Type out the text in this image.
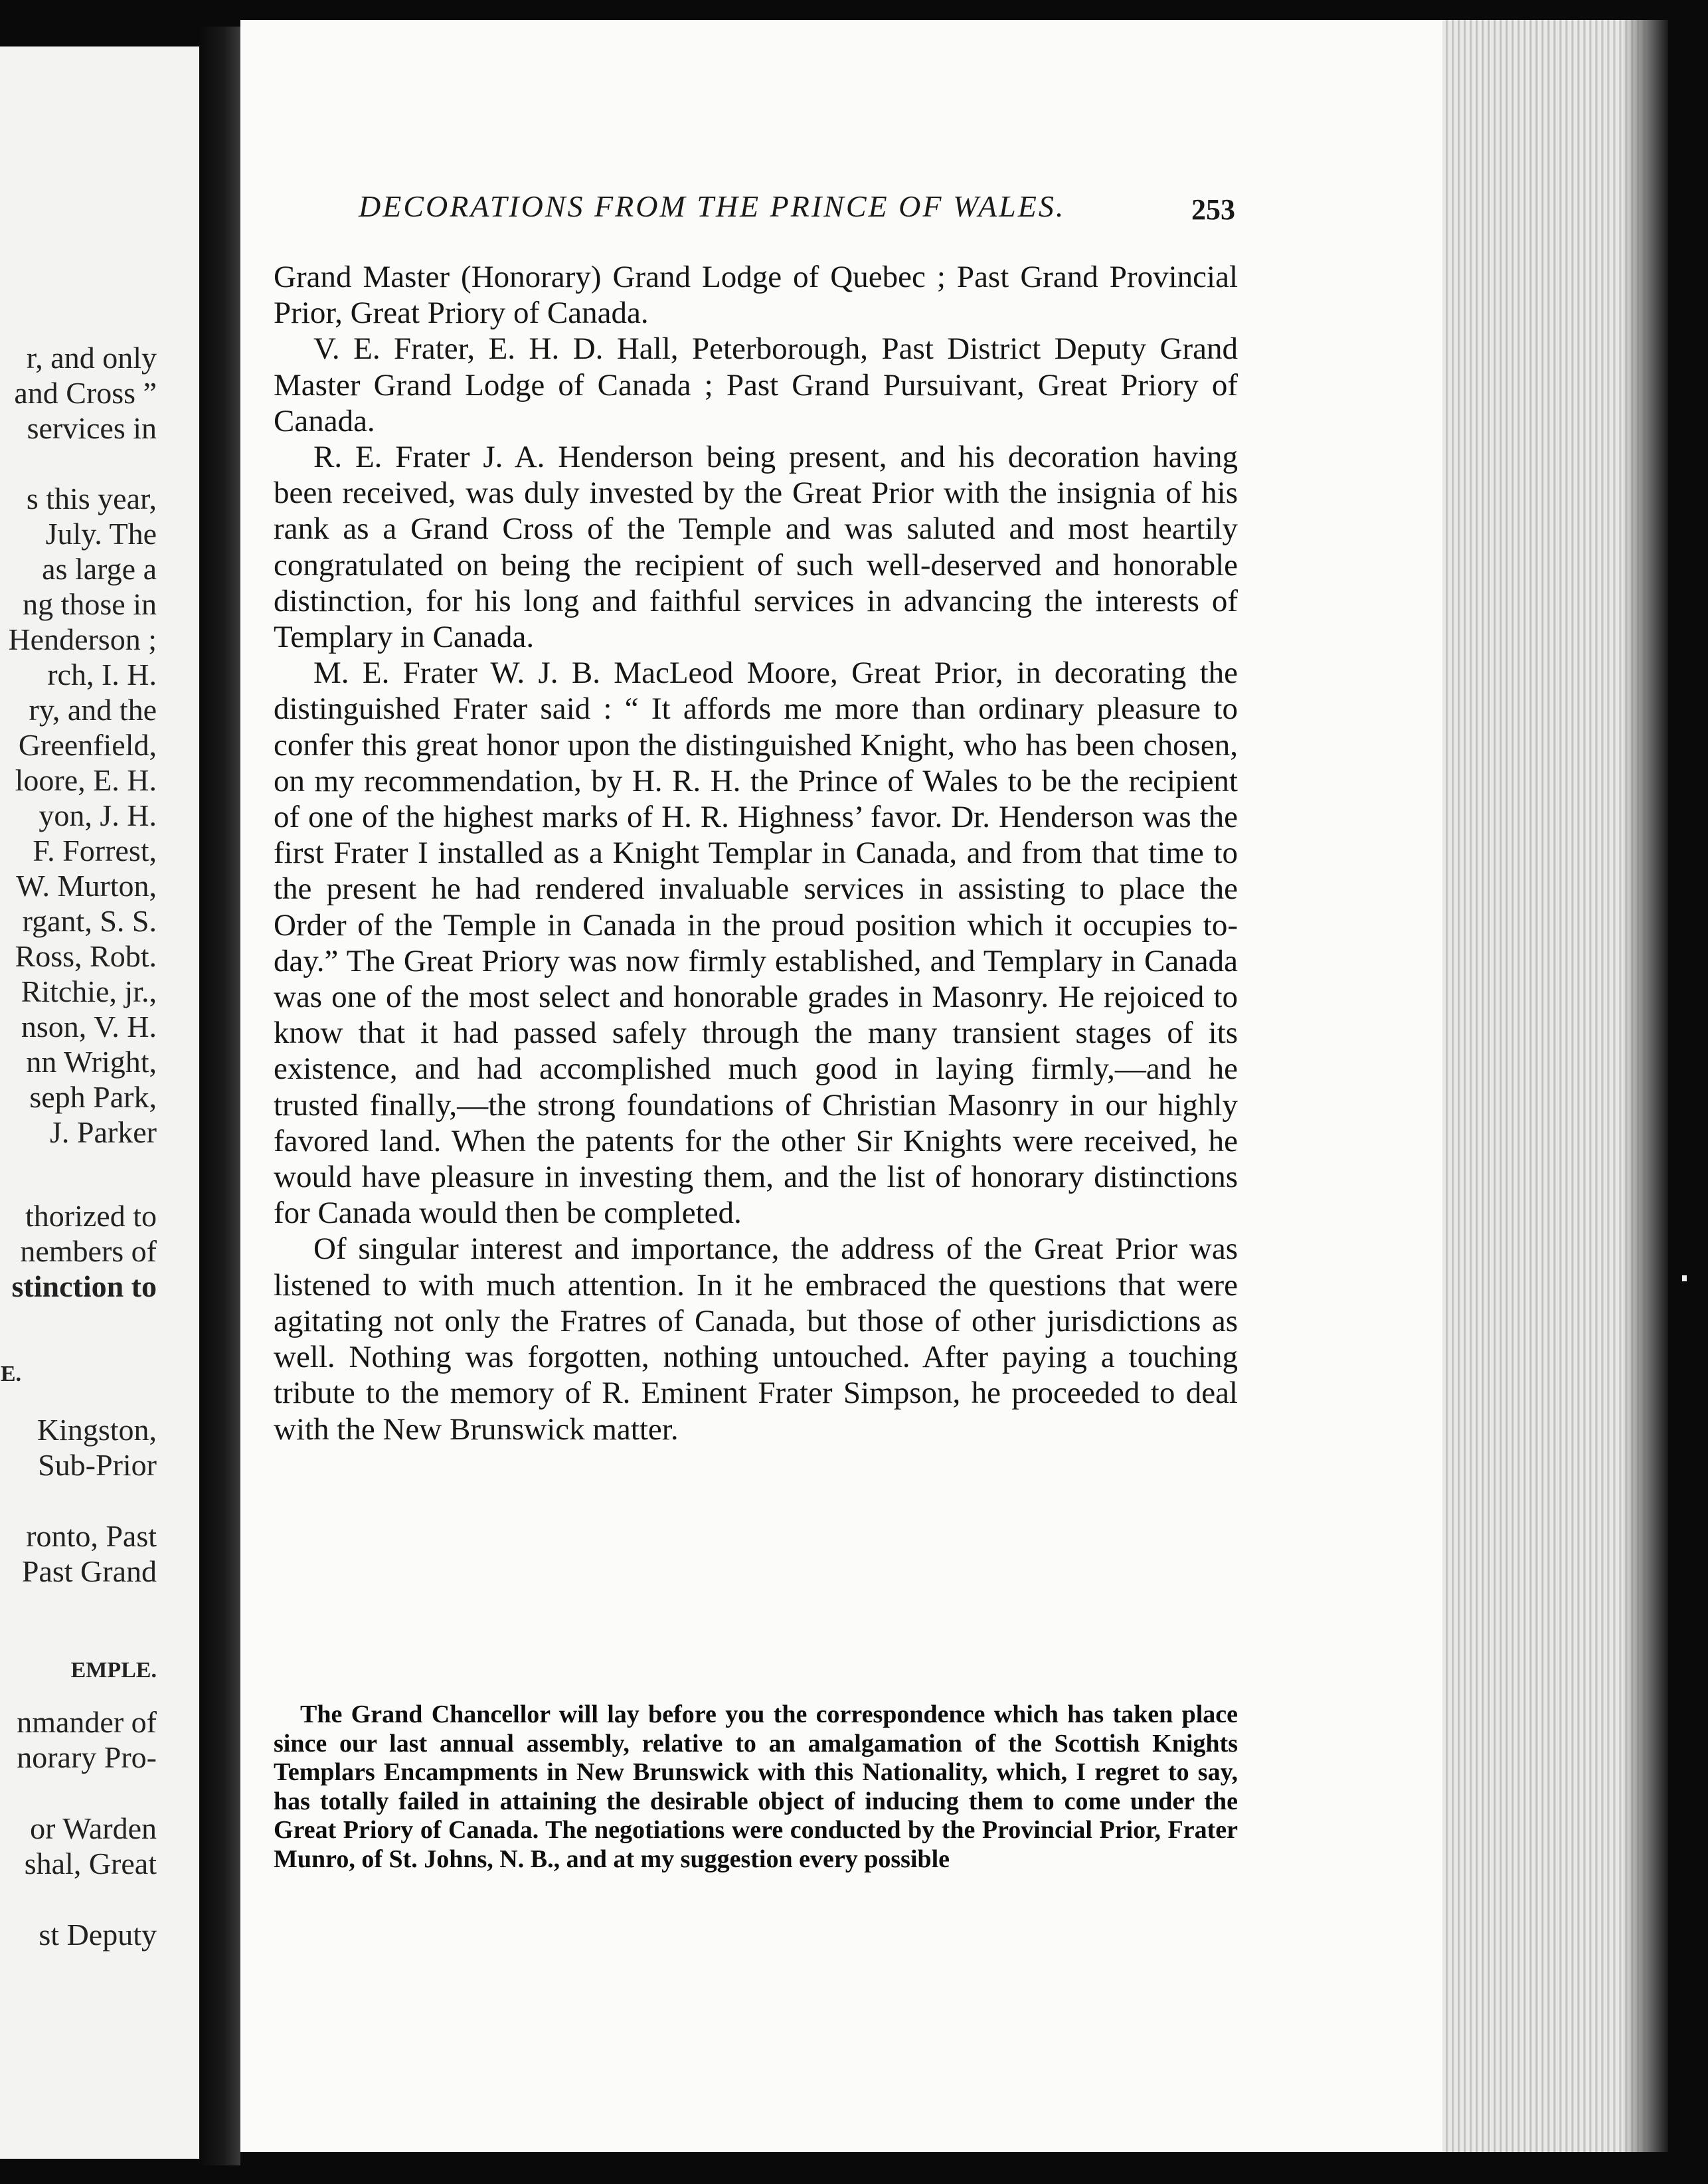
r, and only
and Cross ”
services in
s this year,
July. The
as large a
ng those in
Henderson ;
rch, I. H.
ry, and the
Greenfield,
loore, E. H.
yon, J. H.
F. Forrest,
W. Murton,
rgant, S. S.
Ross, Robt.
Ritchie, jr.,
nson, V. H.
nn Wright,
seph Park,
J. Parker
thorized to
nembers of
stinction to
E.
Kingston,
Sub-Prior
ronto, Past
Past Grand
EMPLE.
nmander of
norary Pro-
or Warden
shal, Great
st Deputy
DECORATIONS FROM THE PRINCE OF WALES.	253

Grand Master (Honorary) Grand Lodge of Quebec ; Past Grand Provincial Prior, Great Priory of Canada.

V. E. Frater, E. H. D. Hall, Peterborough, Past District Deputy Grand Master Grand Lodge of Canada ; Past Grand Pursuivant, Great Priory of Canada.

R. E. Frater J. A. Henderson being present, and his decoration having been received, was duly invested by the Great Prior with the insignia of his rank as a Grand Cross of the Temple and was saluted and most heartily congratulated on being the recipient of such well-deserved and honorable distinction, for his long and faithful services in advancing the interests of Templary in Canada.

M. E. Frater W. J. B. MacLeod Moore, Great Prior, in decorating the distinguished Frater said : “ It affords me more than ordinary pleasure to confer this great honor upon the distinguished Knight, who has been chosen, on my recommendation, by H. R. H. the Prince of Wales to be the recipient of one of the highest marks of H. R. Highness’ favor. Dr. Henderson was the first Frater I installed as a Knight Templar in Canada, and from that time to the present he had rendered invaluable services in assisting to place the Order of the Temple in Canada in the proud position which it occupies to-day.” The Great Priory was now firmly established, and Templary in Canada was one of the most select and honorable grades in Masonry. He rejoiced to know that it had passed safely through the many transient stages of its existence, and had accomplished much good in laying firmly,—and he trusted finally,—the strong foundations of Christian Masonry in our highly favored land. When the patents for the other Sir Knights were received, he would have pleasure in investing them, and the list of honorary distinctions for Canada would then be completed.

Of singular interest and importance, the address of the Great Prior was listened to with much attention. In it he embraced the questions that were agitating not only the Fratres of Canada, but those of other jurisdictions as well. Nothing was forgotten, nothing untouched. After paying a touching tribute to the memory of R. Eminent Frater Simpson, he proceeded to deal with the New Brunswick matter.

The Grand Chancellor will lay before you the correspondence which has taken place since our last annual assembly, relative to an amalgamation of the Scottish Knights Templars Encampments in New Brunswick with this Nationality, which, I regret to say, has totally failed in attaining the desirable object of inducing them to come under the Great Priory of Canada. The negotiations were conducted by the Provincial Prior, Frater Munro, of St. Johns, N. B., and at my suggestion every possible
